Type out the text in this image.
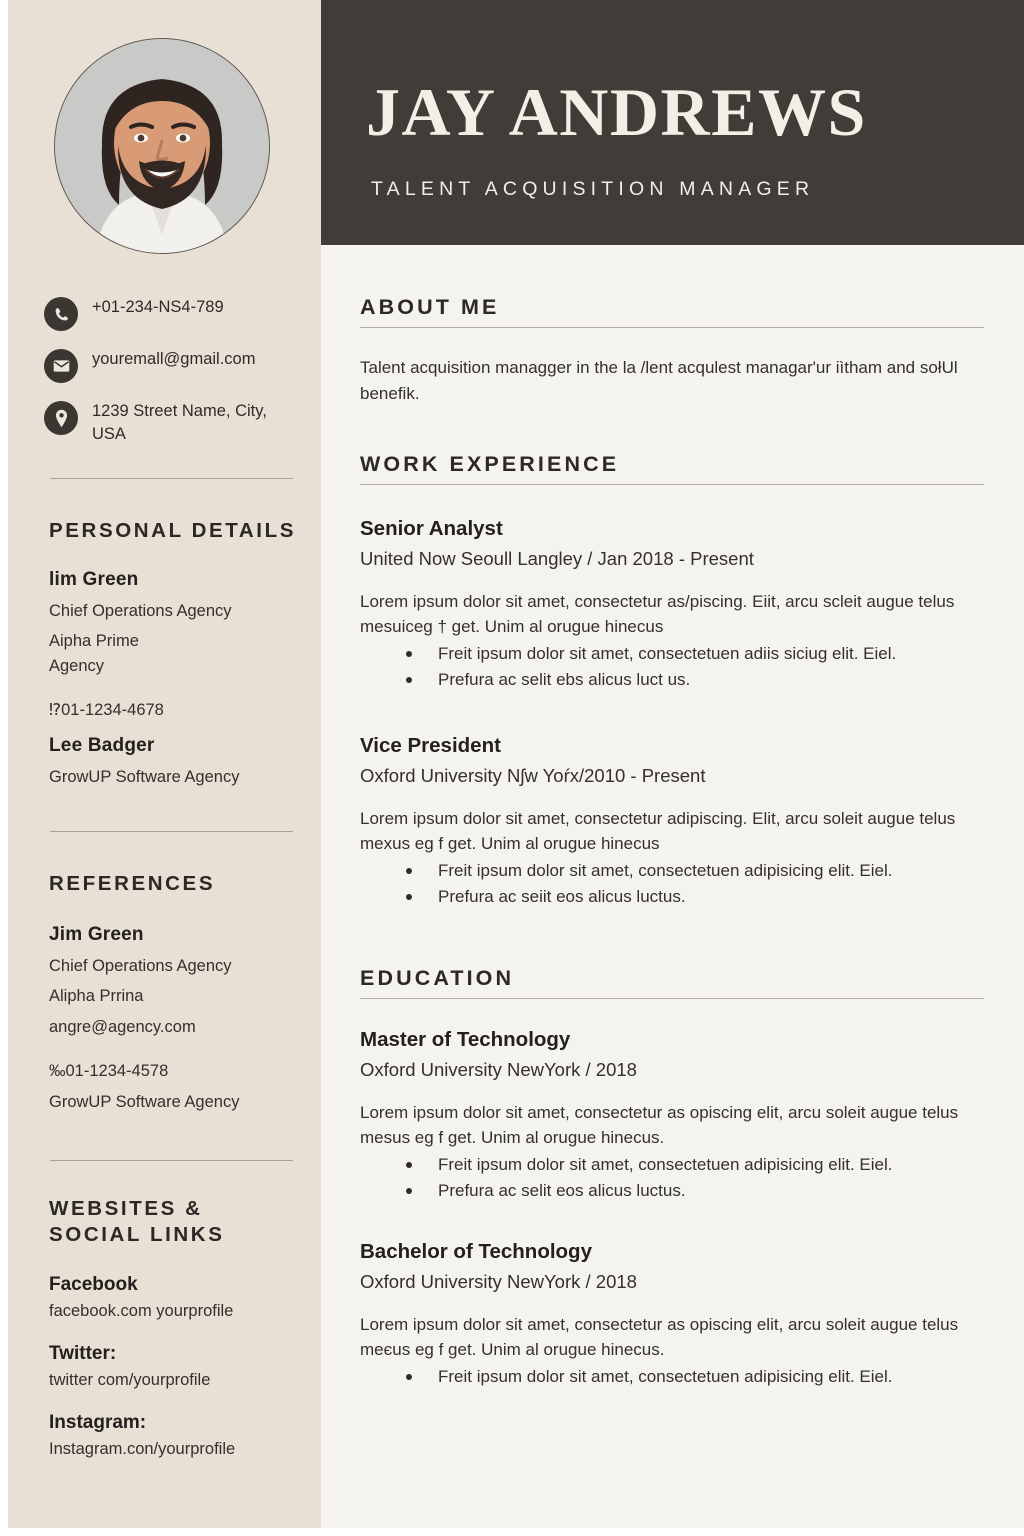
+01-234-NS4-789
youremall@gmail.com
1239 Street Name, City, USA
PERSONAL DETAILS
lim Green
Chief Operations Agency
Aipha Prime
Agency
⁉01-1234-4678
Lee Badger
GrowUP Software Agency
REFERENCES
Jim Green
Chief Operations Agency
Alipha Prrina
angre@agency.com
‰01-1234-4578
GrowUP Software Agency
WEBSITES &
SOCIAL LINKS
Facebook
facebook.com yourprofile
Twitter:
twitter com/yourprofile
Instagram:
Instagram.con/yourprofile
JAY ANDREWS
TALENT ACQUISITION MANAGER
ABOUT ME
Talent acquisition managger in the la /lent acqulest managar'ur iìtham and sołUl benefik.
WORK EXPERIENCE
Senior Analyst
United Now Seoull Langley / Jan 2018 - Present

Lorem ipsum dolor sit amet, consectetur as/piscing. Eiit, arcu scleit augue telus meѕuiceg † get. Unim al orugue hinecus

Freit ipsum dolor sit amet, consectetuen adiiѕ siciug elit. Eiel.
Prefura ac selit ebs alicus luct us.
Vice President
Oxford University Nʃw Yoŕx/2010 - Present

Lorem ipsum dolor sit amet, consectetur adipiscing. Elit, arcu soleit augue telus mexus eg f get. Unim al orugue hinecus

Freit ipsum dolor sit amet, consectetuen adipisicing elit. Eiel.
Prefura ac seiit eos alicus luctus.
EDUCATION
Master of Technology
Oxford University NewYork / 2018

Lorem ipsum dolor sit amet, consectetur as opiscing elit, arcu soleit augue telus mesus eg f get. Unim al orugue hinecus.

Freit ipsum dolor sit amet, consectetuen adipisicing elit. Eiel.
Prefura ac selit eos alicus luctus.
Bachelor of Technology
Oxford University NewYork / 2018

Lorem ipsum dolor sit amet, consectetur as opiscing elit, arcu soleit augue telus meєus eg f get. Unim al orugue hinecus.

Freit ipsum dolor sit amet, consectetuen adipisicing elit. Eiel.
